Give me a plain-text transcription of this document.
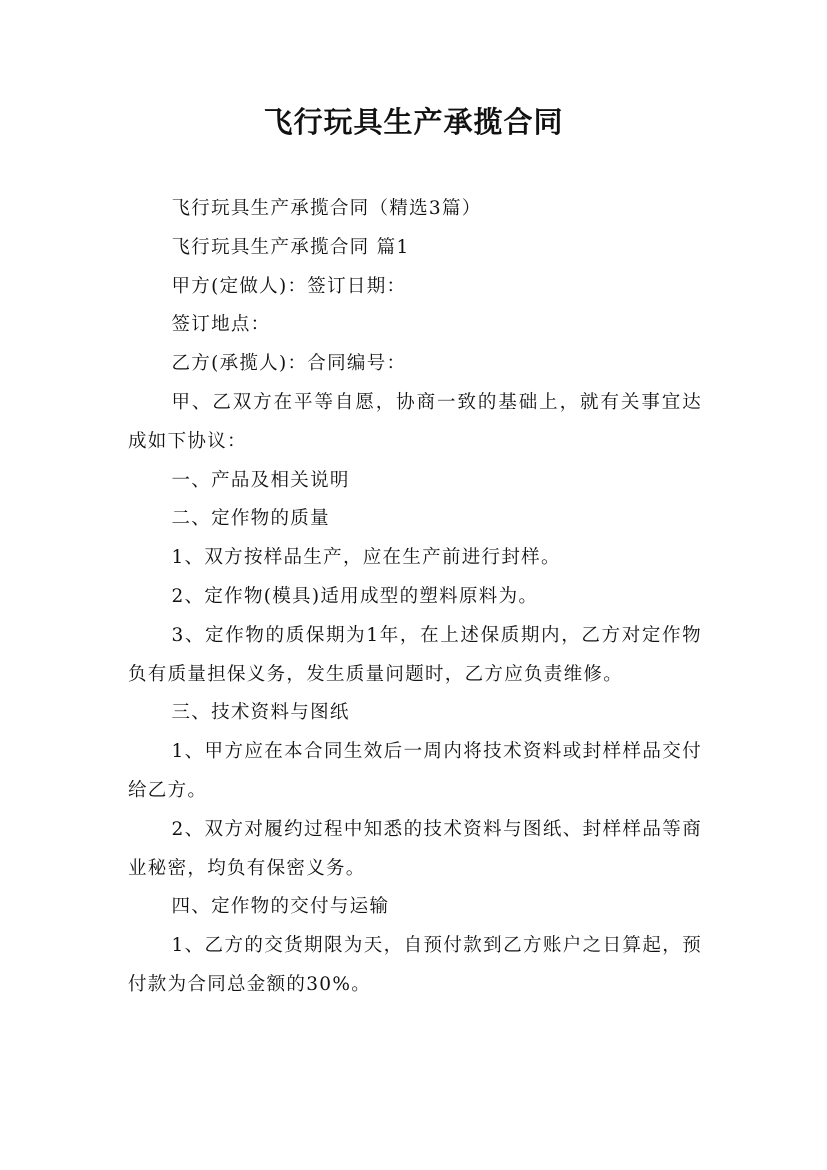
飞行玩具生产承揽合同

飞行玩具生产承揽合同（精选3篇）

飞行玩具生产承揽合同 篇1

甲方(定做人)：签订日期：

签订地点：

乙方(承揽人)：合同编号：

甲、乙双方在平等自愿，协商一致的基础上，就有关事宜达成如下协议：

一、产品及相关说明

二、定作物的质量

1、双方按样品生产，应在生产前进行封样。

2、定作物(模具)适用成型的塑料原料为。

3、定作物的质保期为1年，在上述保质期内，乙方对定作物负有质量担保义务，发生质量问题时，乙方应负责维修。

三、技术资料与图纸

1、甲方应在本合同生效后一周内将技术资料或封样样品交付给乙方。

2、双方对履约过程中知悉的技术资料与图纸、封样样品等商业秘密，均负有保密义务。

四、定作物的交付与运输

1、乙方的交货期限为天，自预付款到乙方账户之日算起，预付款为合同总金额的30%。
